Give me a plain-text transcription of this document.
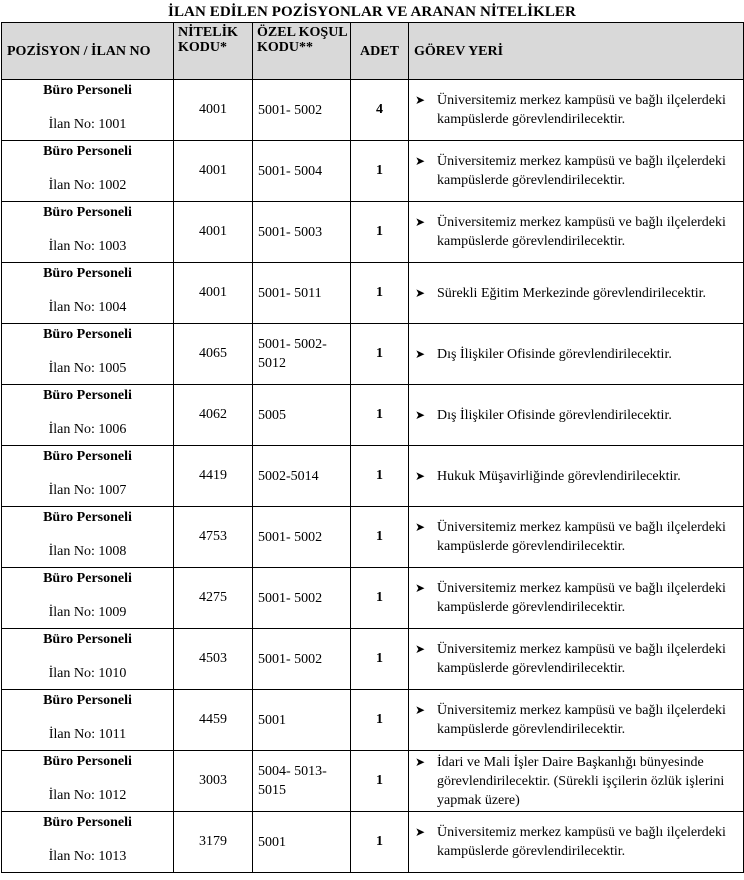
İLAN EDİLEN POZİSYONLAR VE ARANAN NİTELİKLER
POZİSYON / İLAN NO	NİTELİK KODU*	ÖZEL KOŞUL KODU**	ADET	GÖREV YERİ

Büro Personeli
İlan No: 1001	4001	5001- 5002	4	➤ Üniversitemiz merkez kampüsü ve bağlı ilçelerdeki kampüslerde görevlendirilecektir.

Büro Personeli
İlan No: 1002	4001	5001- 5004	1	➤ Üniversitemiz merkez kampüsü ve bağlı ilçelerdeki kampüslerde görevlendirilecektir.

Büro Personeli
İlan No: 1003	4001	5001- 5003	1	➤ Üniversitemiz merkez kampüsü ve bağlı ilçelerdeki kampüslerde görevlendirilecektir.

Büro Personeli
İlan No: 1004	4001	5001- 5011	1	➤ Sürekli Eğitim Merkezinde görevlendirilecektir.

Büro Personeli
İlan No: 1005	4065	5001- 5002- 5012	1	➤ Dış İlişkiler Ofisinde görevlendirilecektir.

Büro Personeli
İlan No: 1006	4062	5005	1	➤ Dış İlişkiler Ofisinde görevlendirilecektir.

Büro Personeli
İlan No: 1007	4419	5002-5014	1	➤ Hukuk Müşavirliğinde görevlendirilecektir.

Büro Personeli
İlan No: 1008	4753	5001- 5002	1	➤ Üniversitemiz merkez kampüsü ve bağlı ilçelerdeki kampüslerde görevlendirilecektir.

Büro Personeli
İlan No: 1009	4275	5001- 5002	1	➤ Üniversitemiz merkez kampüsü ve bağlı ilçelerdeki kampüslerde görevlendirilecektir.

Büro Personeli
İlan No: 1010	4503	5001- 5002	1	➤ Üniversitemiz merkez kampüsü ve bağlı ilçelerdeki kampüslerde görevlendirilecektir.

Büro Personeli
İlan No: 1011	4459	5001	1	➤ Üniversitemiz merkez kampüsü ve bağlı ilçelerdeki kampüslerde görevlendirilecektir.

Büro Personeli
İlan No: 1012	3003	5004- 5013- 5015	1	➤ İdari ve Mali İşler Daire Başkanlığı bünyesinde görevlendirilecektir. (Sürekli işçilerin özlük işlerini yapmak üzere)

Büro Personeli
İlan No: 1013	3179	5001	1	➤ Üniversitemiz merkez kampüsü ve bağlı ilçelerdeki kampüslerde görevlendirilecektir.
